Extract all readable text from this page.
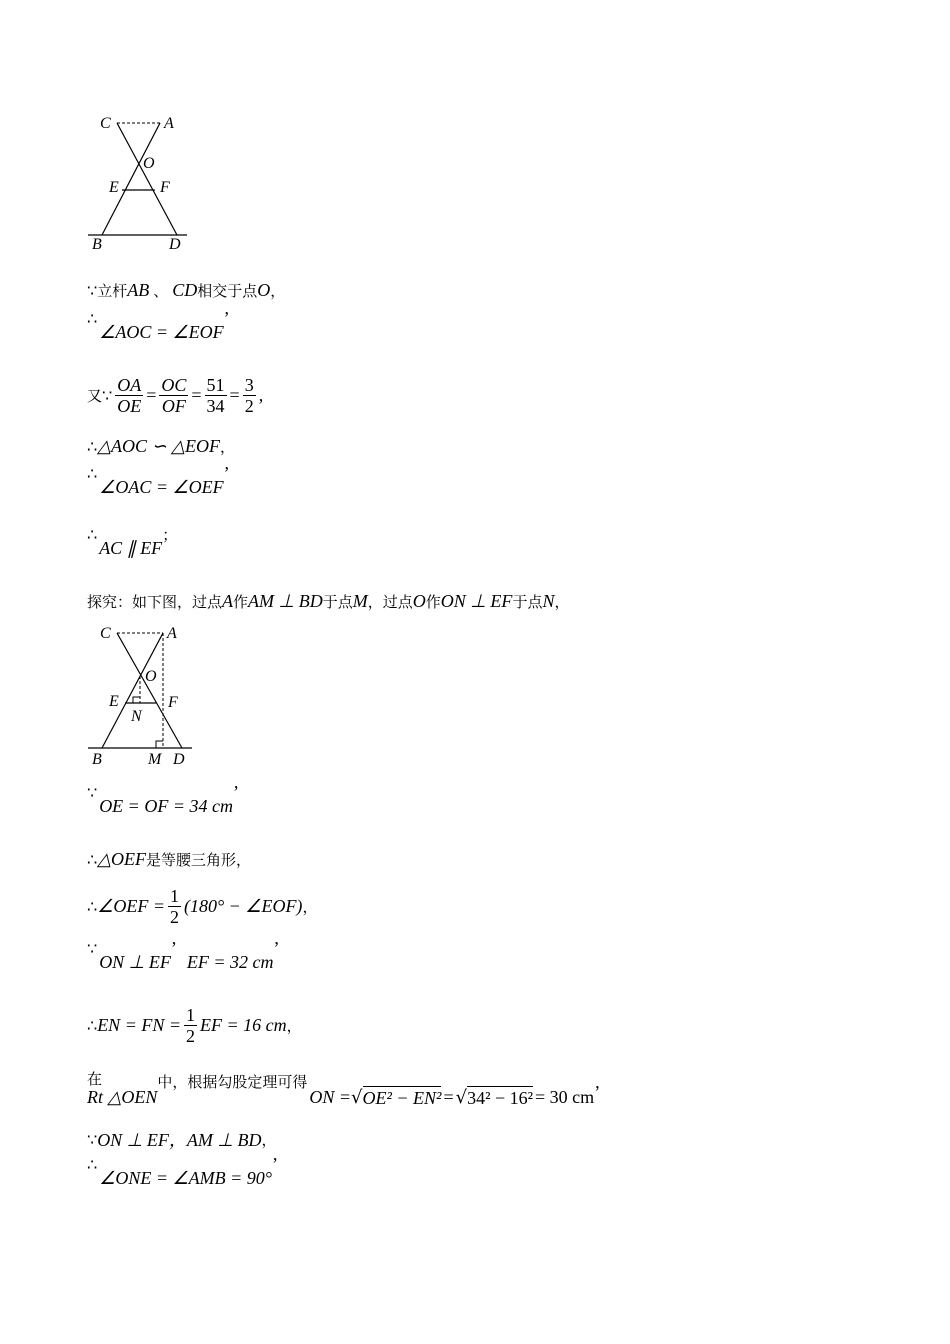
C	A
O
E	F
B	D
C	A
O
E
N
F
B	M D
∵ 立杆 AB 、 CD 相交于点 O ，
∴
∠AOC = ∠EOF
’
又 ∵ $\frac{OA}{OE} = \frac{OC}{OF} = \frac{51}{34} = \frac{3}{2}$ ,
∴ △AOC ∽ △EOF ，
∴
∠OAC = ∠OEF
’
∴
AC ∥ EF
；
探究：如下图，过点 A 作 AM ⊥ BD 于点 M ，过点 O 作 ON ⊥ EF 于点 N ，
∵
OE = OF = 34 cm
’
∴ △OEF 是等腰三角形，
∴ ∠OEF = $\frac{1}{2} (180^\circ$ − ∠EOF) ，
∵
ON ⊥ EF
’
EF = 32 cm
’
∴ EN = FN = $\frac{1}{2}$ EF = 16 cm ，
在
Rt △OEN
中，根据勾股定理可得
ON = √ OE² − EN² = √ 34² − 16² = 30 cm ’
∵ ON ⊥ EF，AM ⊥ BD ，
∴
∠ONE = ∠AMB = 90°
’
